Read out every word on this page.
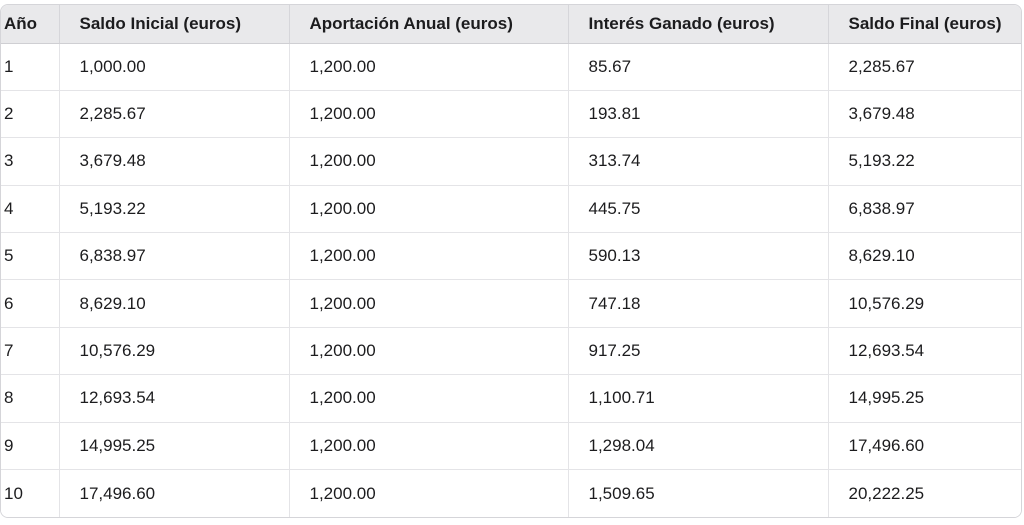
Año	Saldo Inicial (euros)	Aportación Anual (euros)	Interés Ganado (euros)	Saldo Final (euros)
1	1,000.00	1,200.00	85.67	2,285.67
2	2,285.67	1,200.00	193.81	3,679.48
3	3,679.48	1,200.00	313.74	5,193.22
4	5,193.22	1,200.00	445.75	6,838.97
5	6,838.97	1,200.00	590.13	8,629.10
6	8,629.10	1,200.00	747.18	10,576.29
7	10,576.29	1,200.00	917.25	12,693.54
8	12,693.54	1,200.00	1,100.71	14,995.25
9	14,995.25	1,200.00	1,298.04	17,496.60
10	17,496.60	1,200.00	1,509.65	20,222.25
